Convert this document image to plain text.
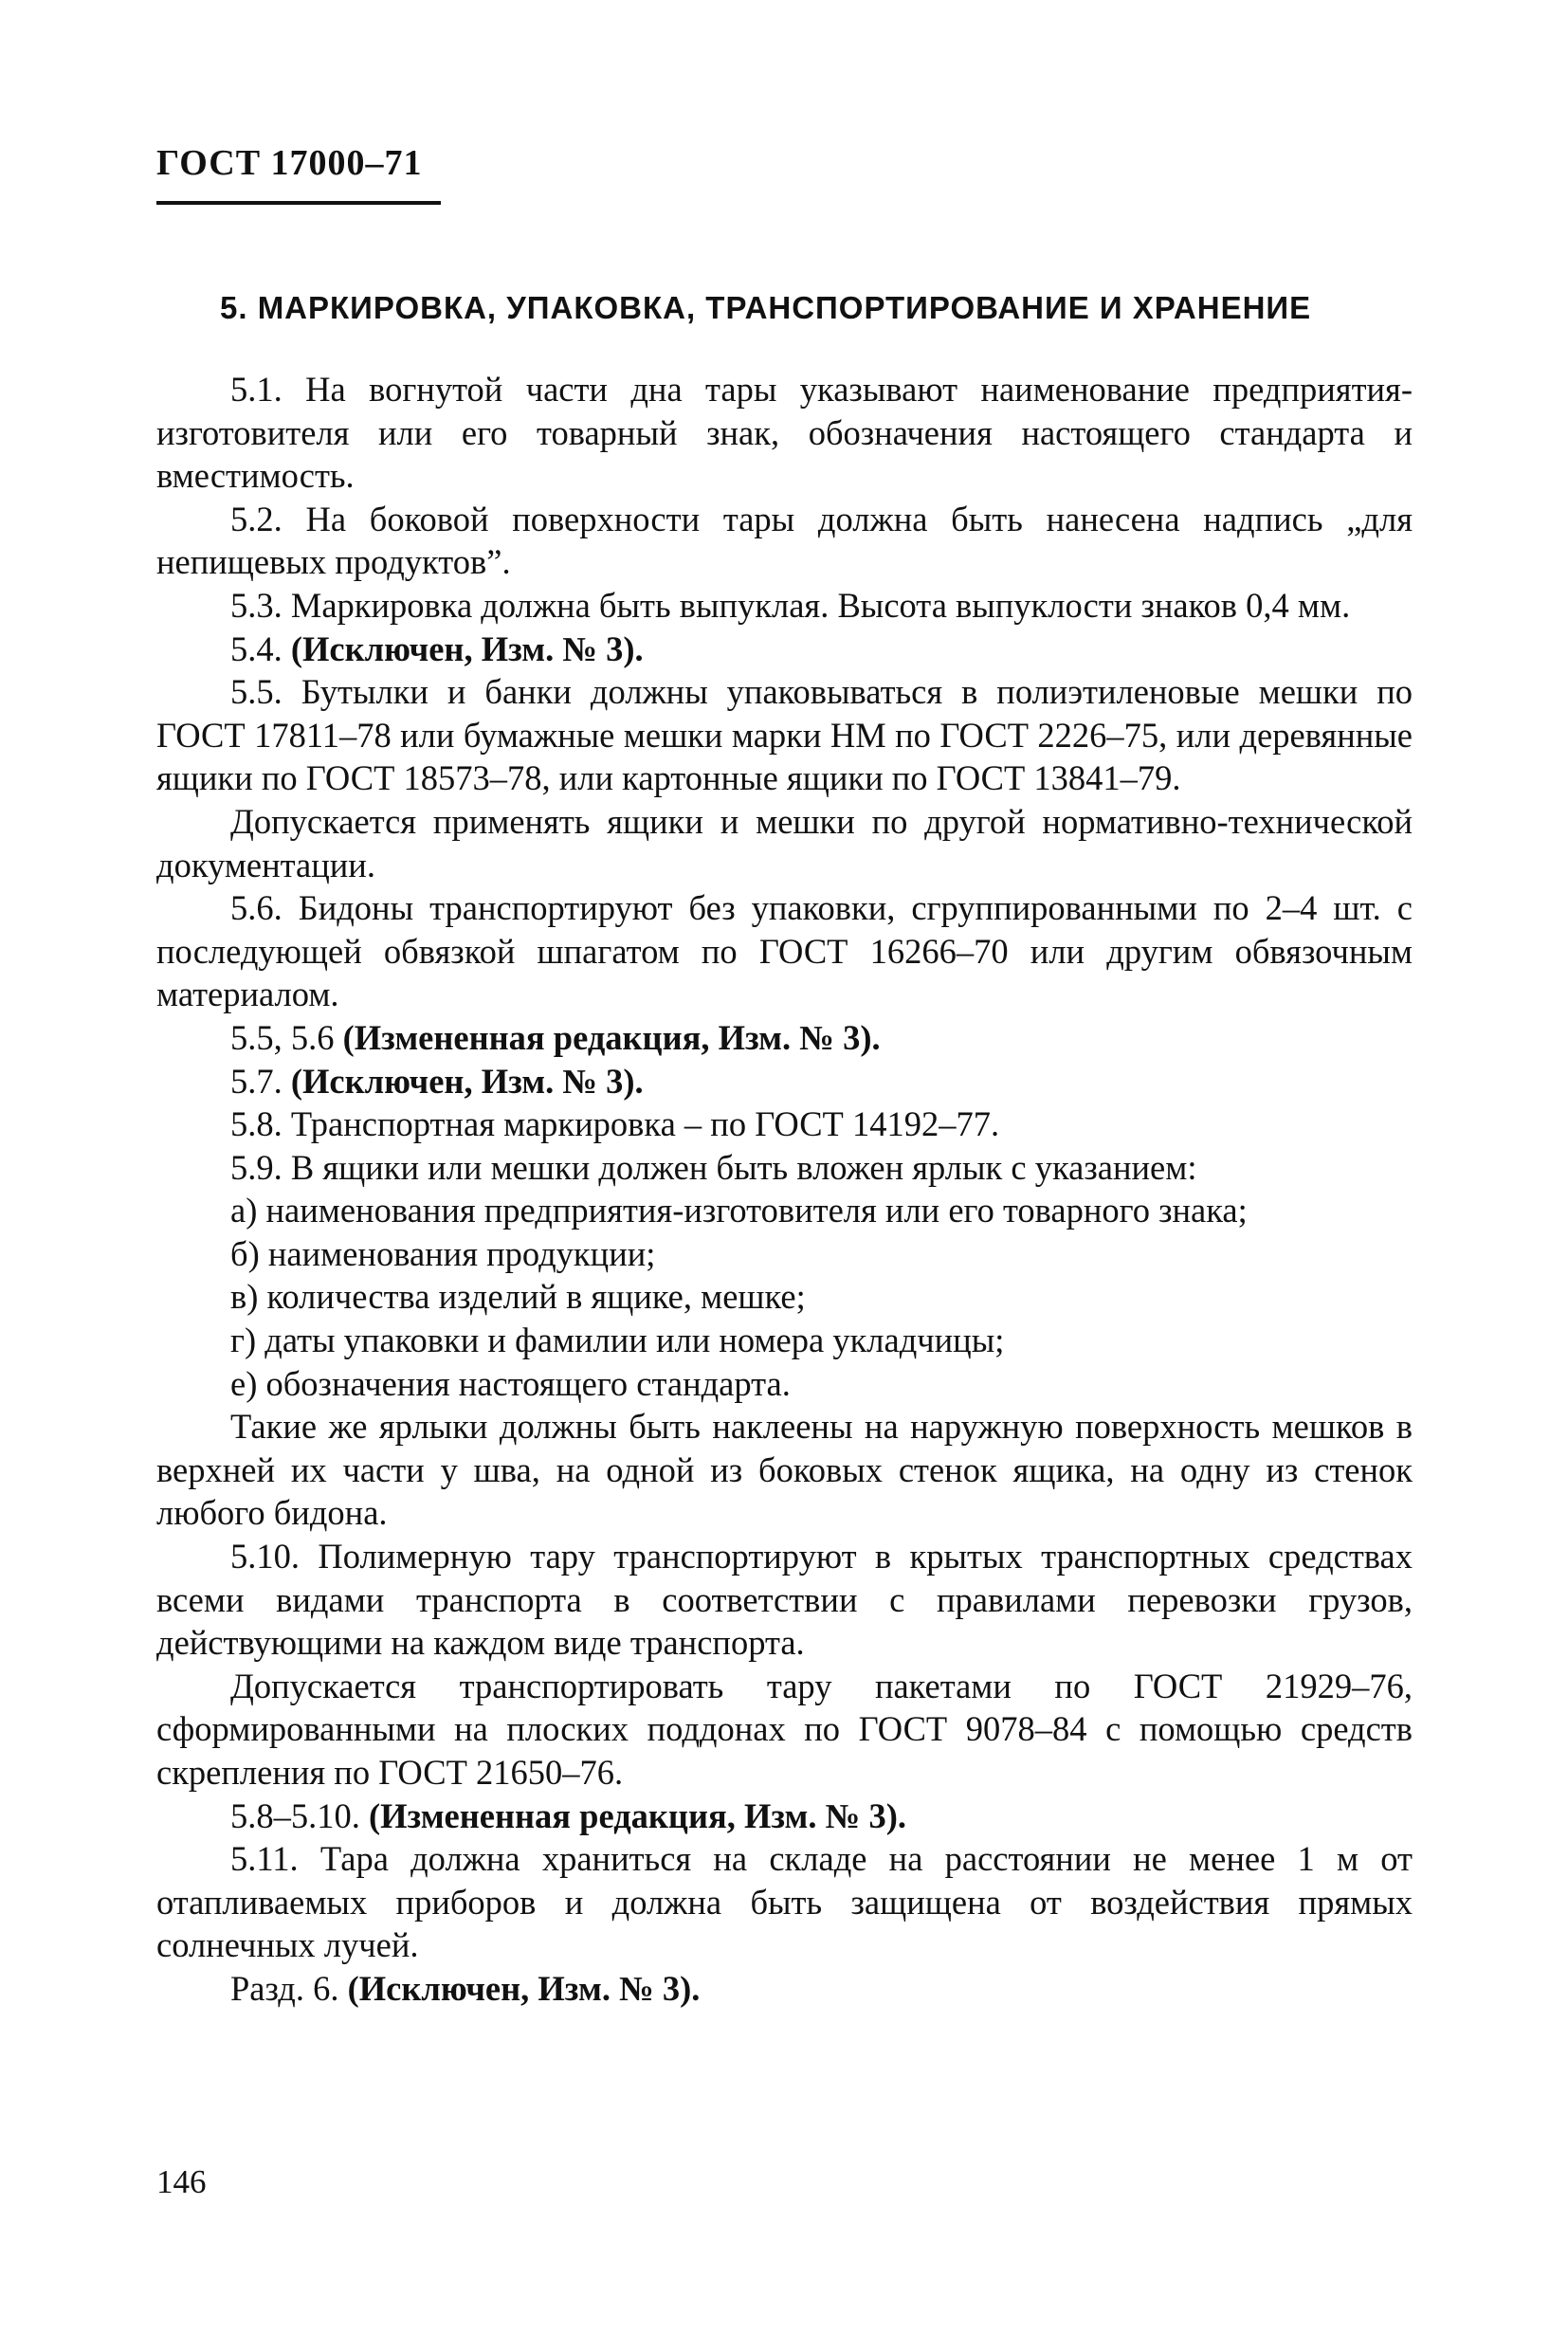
ГОСТ 17000–71
5. МАРКИРОВКА, УПАКОВКА, ТРАНСПОРТИРОВАНИЕ И ХРАНЕНИЕ

5.1. На вогнутой части дна тары указывают наименование предприятия-изготовителя или его товарный знак, обозначения настоящего стандарта и вместимость.

5.2. На боковой поверхности тары должна быть нанесена надпись „для непищевых продуктов”.

5.3. Маркировка должна быть выпуклая. Высота выпуклости знаков 0,4 мм.

5.4. (Исключен, Изм. № 3).

5.5. Бутылки и банки должны упаковываться в полиэтиленовые мешки по ГОСТ 17811–78 или бумажные мешки марки НМ по ГОСТ 2226–75, или деревянные ящики по ГОСТ 18573–78, или картонные ящики по ГОСТ 13841–79.

Допускается применять ящики и мешки по другой нормативно-технической документации.

5.6. Бидоны транспортируют без упаковки, сгруппированными по 2–4 шт. с последующей обвязкой шпагатом по ГОСТ 16266–70 или другим обвязочным материалом.

5.5, 5.6 (Измененная редакция, Изм. № 3).

5.7. (Исключен, Изм. № 3).

5.8. Транспортная маркировка – по ГОСТ 14192–77.

5.9. В ящики или мешки должен быть вложен ярлык с указанием:

а) наименования предприятия-изготовителя или его товарного знака;

б) наименования продукции;

в) количества изделий в ящике, мешке;

г) даты упаковки и фамилии или номера укладчицы;

е) обозначения настоящего стандарта.

Такие же ярлыки должны быть наклеены на наружную поверхность мешков в верхней их части у шва, на одной из боковых стенок ящика, на одну из стенок любого бидона.

5.10. Полимерную тару транспортируют в крытых транспортных средствах всеми видами транспорта в соответствии с правилами перевозки грузов, действующими на каждом виде транспорта.

Допускается транспортировать тару пакетами по ГОСТ 21929–76, сформированными на плоских поддонах по ГОСТ 9078–84 с помощью средств скрепления по ГОСТ 21650–76.

5.8–5.10. (Измененная редакция, Изм. № 3).

5.11. Тара должна храниться на складе на расстоянии не менее 1 м от отапливаемых приборов и должна быть защищена от воздействия прямых солнечных лучей.

Разд. 6. (Исключен, Изм. № 3).

146
